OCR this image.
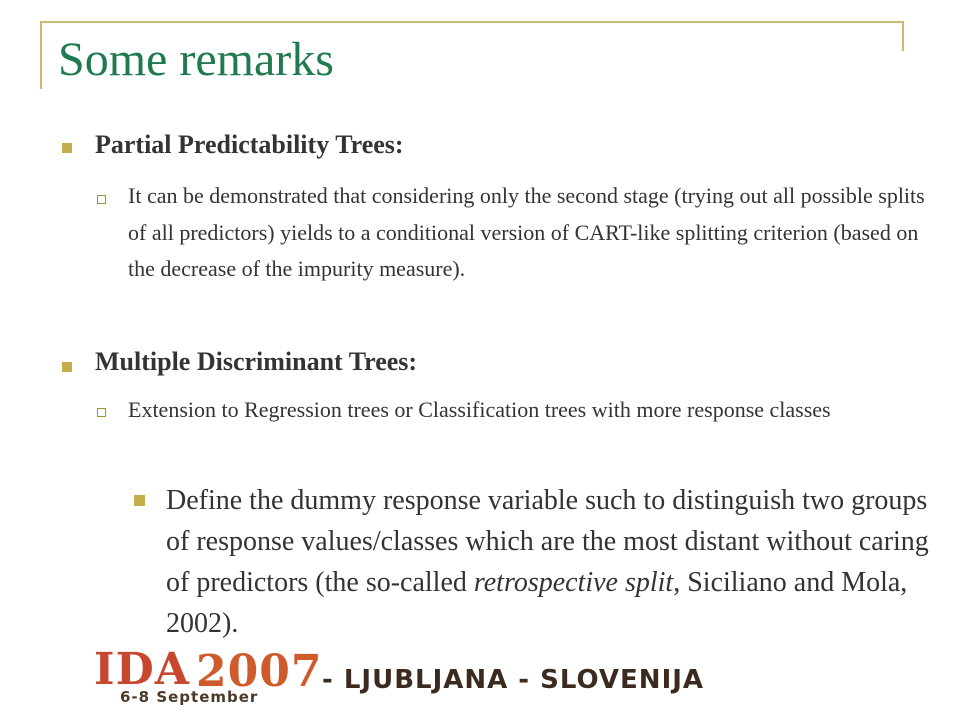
Some remarks
Partial Predictability Trees:
It can be demonstrated that considering only the second stage (trying out all possible splits of all predictors) yields to a conditional version of CART-like splitting criterion (based on the decrease of the impurity measure).
Multiple Discriminant Trees:
Extension to Regression trees or Classification trees with more response classes
Define the dummy response variable such to distinguish two groups of response values/classes which are the most distant without caring of predictors (the so-called retrospective split, Siciliano and Mola, 2002).
IDA 2007
6-8 September
- LJUBLJANA - SLOVENIJA
